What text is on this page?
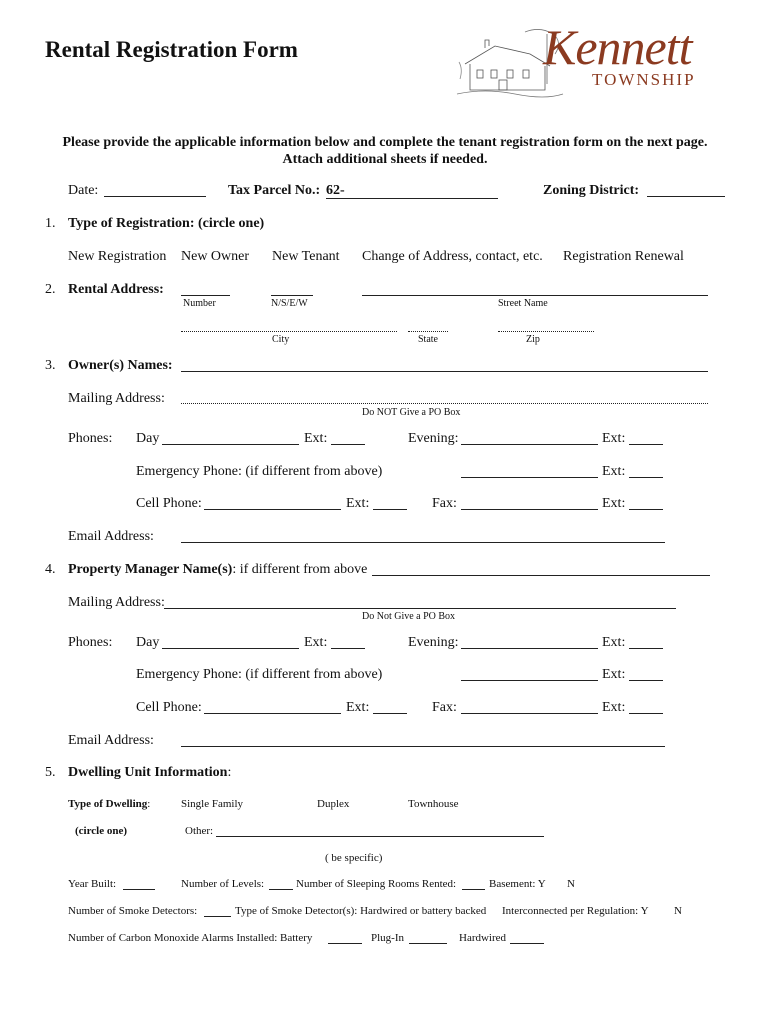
Rental Registration Form	Kennett
TOWNSHIP
Please provide the applicable information below and complete the tenant registration form on the next page.
Attach additional sheets if needed.
Date:	Tax Parcel No.: 62-	Zoning District:
1. Type of Registration: (circle one)
New Registration New Owner New Tenant Change of Address, contact, etc. Registration Renewal
2. Rental Address:
Number	N/S/E/W	Street Name
City	State	Zip
3. Owner(s) Names:
Mailing Address:
Do NOT Give a PO Box
Phones: Day	Ext:	Evening:	Ext:
Emergency Phone: (if different from above)	Ext:
Cell Phone:	Ext:	Fax:	Ext:
Email Address:
4. Property Manager Name(s): if different from above
Mailing Address:
Do Not Give a PO Box
Phones: Day	Ext:	Evening:	Ext:
Emergency Phone: (if different from above)	Ext:
Cell Phone:	Ext:	Fax:	Ext:
Email Address:
5. Dwelling Unit Information:
Type of Dwelling:	Single Family	Duplex	Townhouse
(circle one)	Other:
( be specific)
Year Built:	Number of Levels:	Number of Sleeping Rooms Rented:	Basement: Y N
Number of Smoke Detectors:	Type of Smoke Detector(s): Hardwired or battery backed Interconnected per Regulation: Y N
Number of Carbon Monoxide Alarms Installed: Battery	Plug-In	Hardwired
